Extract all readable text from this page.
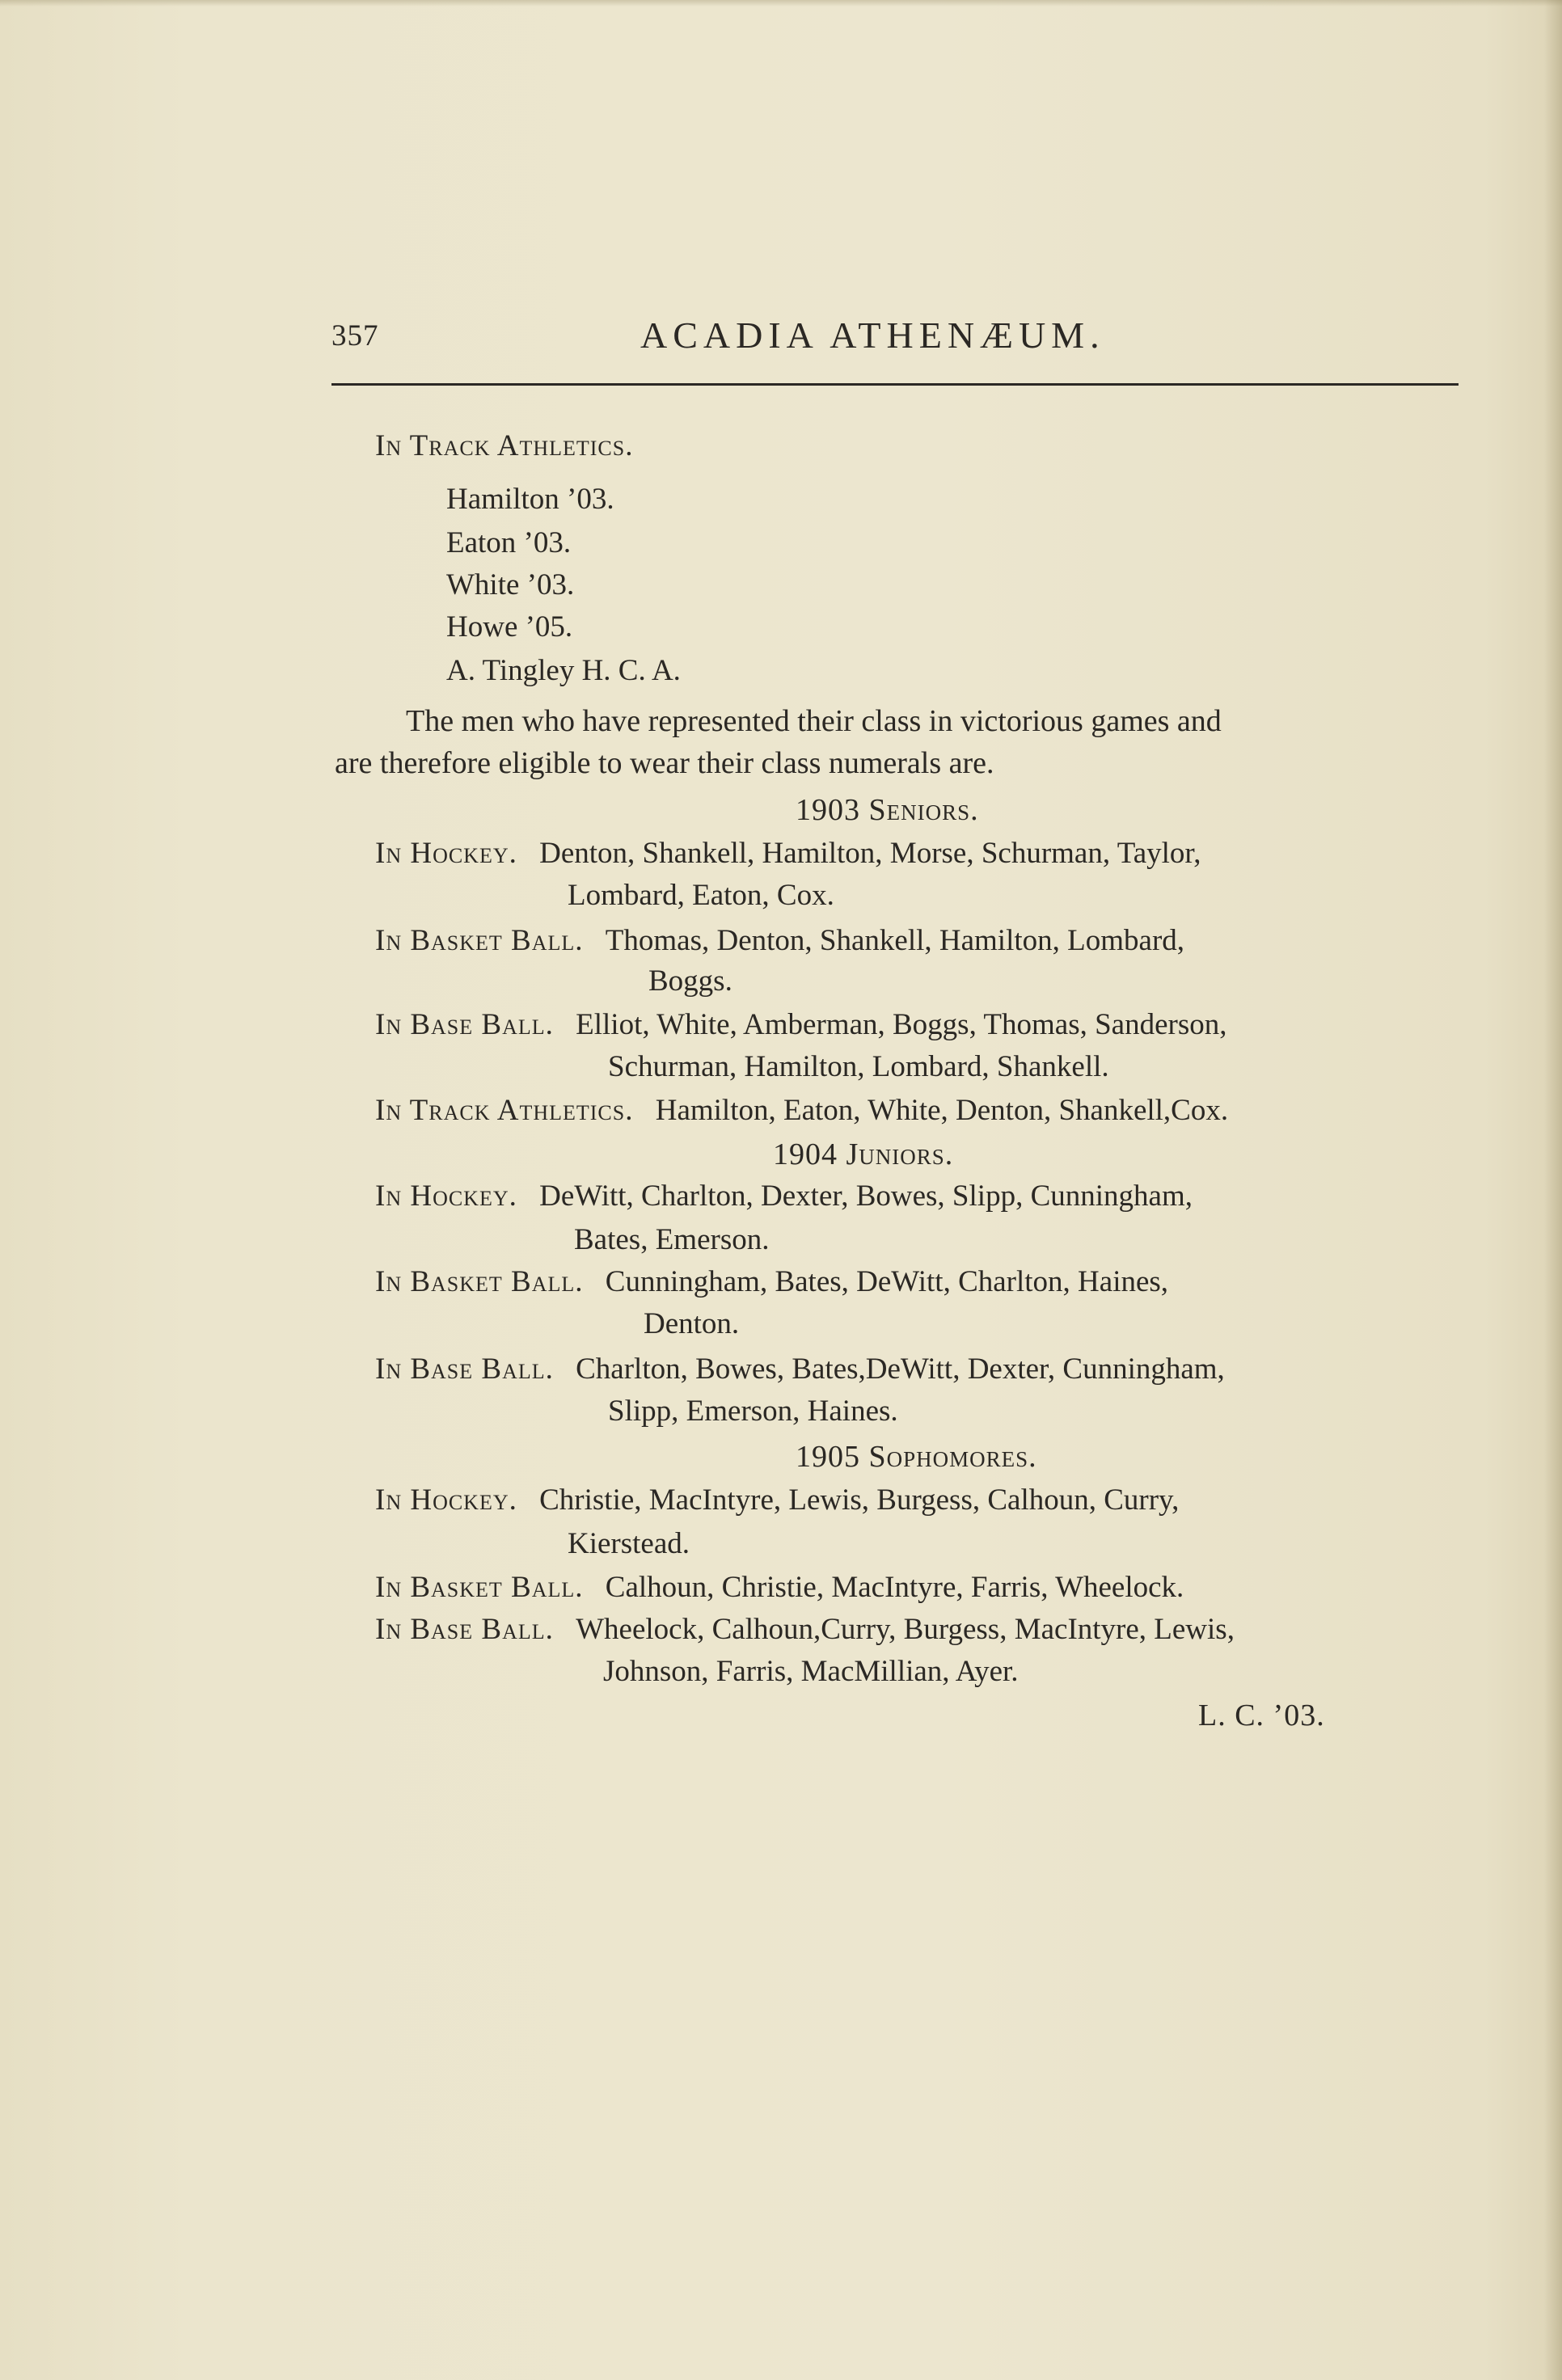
357	ACADIA ATHENÆUM.
In Track Athletics.
Hamilton ’03.
Eaton ’03.
White ’03.
Howe ’05.
A. Tingley H. C. A.
The men who have represented their class in victorious games and
are therefore eligible to wear their class numerals are.
1903 Seniors.
In Hockey. Denton, Shankell, Hamilton, Morse, Schurman, Taylor,
Lombard, Eaton, Cox.
In Basket Ball. Thomas, Denton, Shankell, Hamilton, Lombard,
Boggs.
In Base Ball. Elliot, White, Amberman, Boggs, Thomas, Sanderson,
Schurman, Hamilton, Lombard, Shankell.
In Track Athletics. Hamilton, Eaton, White, Denton, Shankell,Cox.
1904 Juniors.
In Hockey. DeWitt, Charlton, Dexter, Bowes, Slipp, Cunningham,
Bates, Emerson.
In Basket Ball. Cunningham, Bates, DeWitt, Charlton, Haines,
Denton.
In Base Ball. Charlton, Bowes, Bates,DeWitt, Dexter, Cunningham,
Slipp, Emerson, Haines.
1905 Sophomores.
In Hockey. Christie, MacIntyre, Lewis, Burgess, Calhoun, Curry,
Kierstead.
In Basket Ball. Calhoun, Christie, MacIntyre, Farris, Wheelock.
In Base Ball. Wheelock, Calhoun,Curry, Burgess, MacIntyre, Lewis,
Johnson, Farris, MacMillian, Ayer.
L. C. ’03.
